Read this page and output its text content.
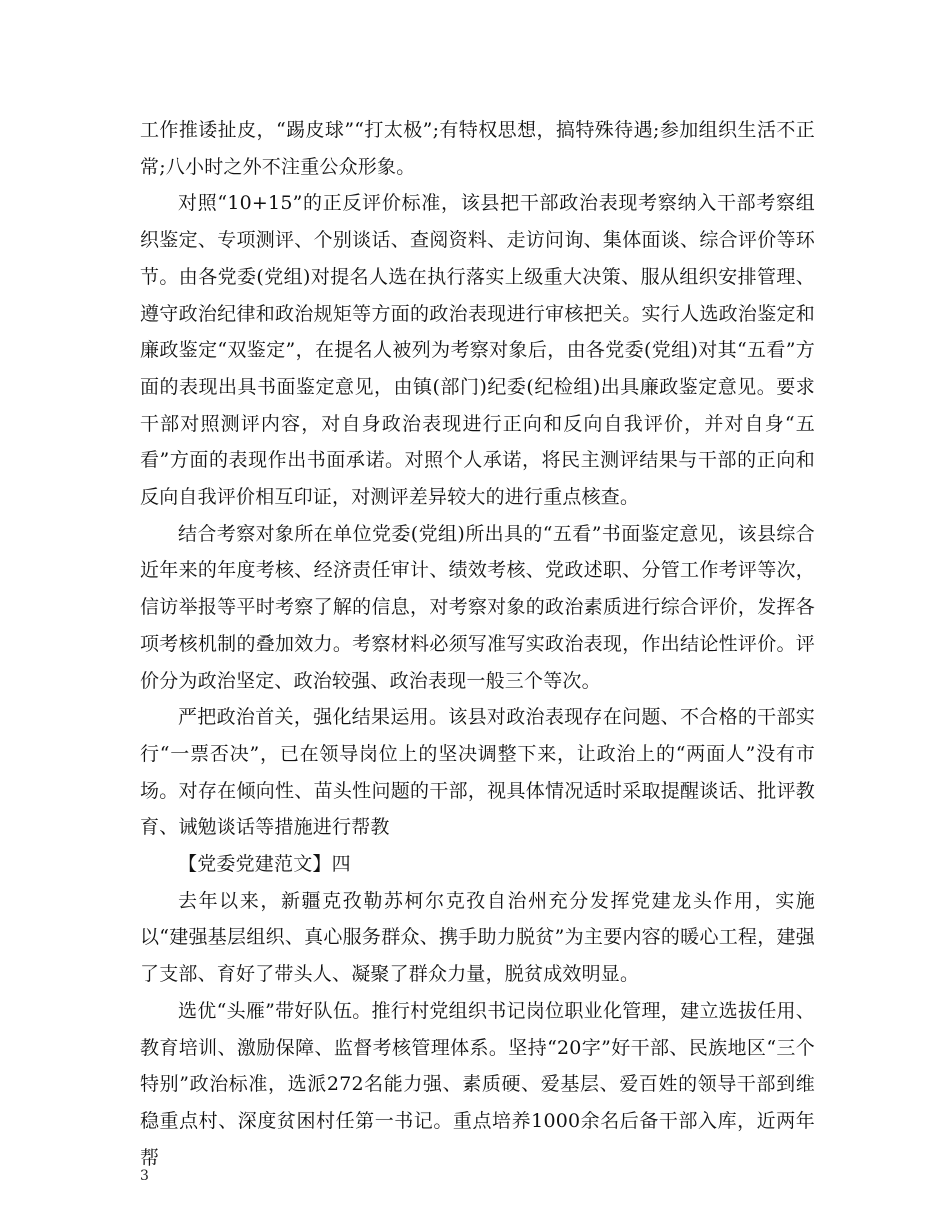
工作推诿扯皮，“踢皮球”“打太极”;有特权思想，搞特殊待遇;参加组织生活不正常;八小时之外不注重公众形象。

对照“10+15”的正反评价标准，该县把干部政治表现考察纳入干部考察组织鉴定、专项测评、个别谈话、查阅资料、走访问询、集体面谈、综合评价等环节。由各党委(党组)对提名人选在执行落实上级重大决策、服从组织安排管理、遵守政治纪律和政治规矩等方面的政治表现进行审核把关。实行人选政治鉴定和廉政鉴定“双鉴定”，在提名人被列为考察对象后，由各党委(党组)对其“五看”方面的表现出具书面鉴定意见，由镇(部门)纪委(纪检组)出具廉政鉴定意见。要求干部对照测评内容，对自身政治表现进行正向和反向自我评价，并对自身“五看”方面的表现作出书面承诺。对照个人承诺，将民主测评结果与干部的正向和反向自我评价相互印证，对测评差异较大的进行重点核查。

结合考察对象所在单位党委(党组)所出具的“五看”书面鉴定意见，该县综合近年来的年度考核、经济责任审计、绩效考核、党政述职、分管工作考评等次，信访举报等平时考察了解的信息，对考察对象的政治素质进行综合评价，发挥各项考核机制的叠加效力。考察材料必须写准写实政治表现，作出结论性评价。评价分为政治坚定、政治较强、政治表现一般三个等次。

严把政治首关，强化结果运用。该县对政治表现存在问题、不合格的干部实行“一票否决”，已在领导岗位上的坚决调整下来，让政治上的“两面人”没有市场。对存在倾向性、苗头性问题的干部，视具体情况适时采取提醒谈话、批评教育、诫勉谈话等措施进行帮教

【党委党建范文】四

去年以来，新疆克孜勒苏柯尔克孜自治州充分发挥党建龙头作用，实施以“建强基层组织、真心服务群众、携手助力脱贫”为主要内容的暖心工程，建强了支部、育好了带头人、凝聚了群众力量，脱贫成效明显。

选优“头雁”带好队伍。推行村党组织书记岗位职业化管理，建立选拔任用、教育培训、激励保障、监督考核管理体系。坚持“20字”好干部、民族地区“三个特别”政治标准，选派272名能力强、素质硬、爱基层、爱百姓的领导干部到维稳重点村、深度贫困村任第一书记。重点培养1000余名后备干部入库，近两年帮

3
